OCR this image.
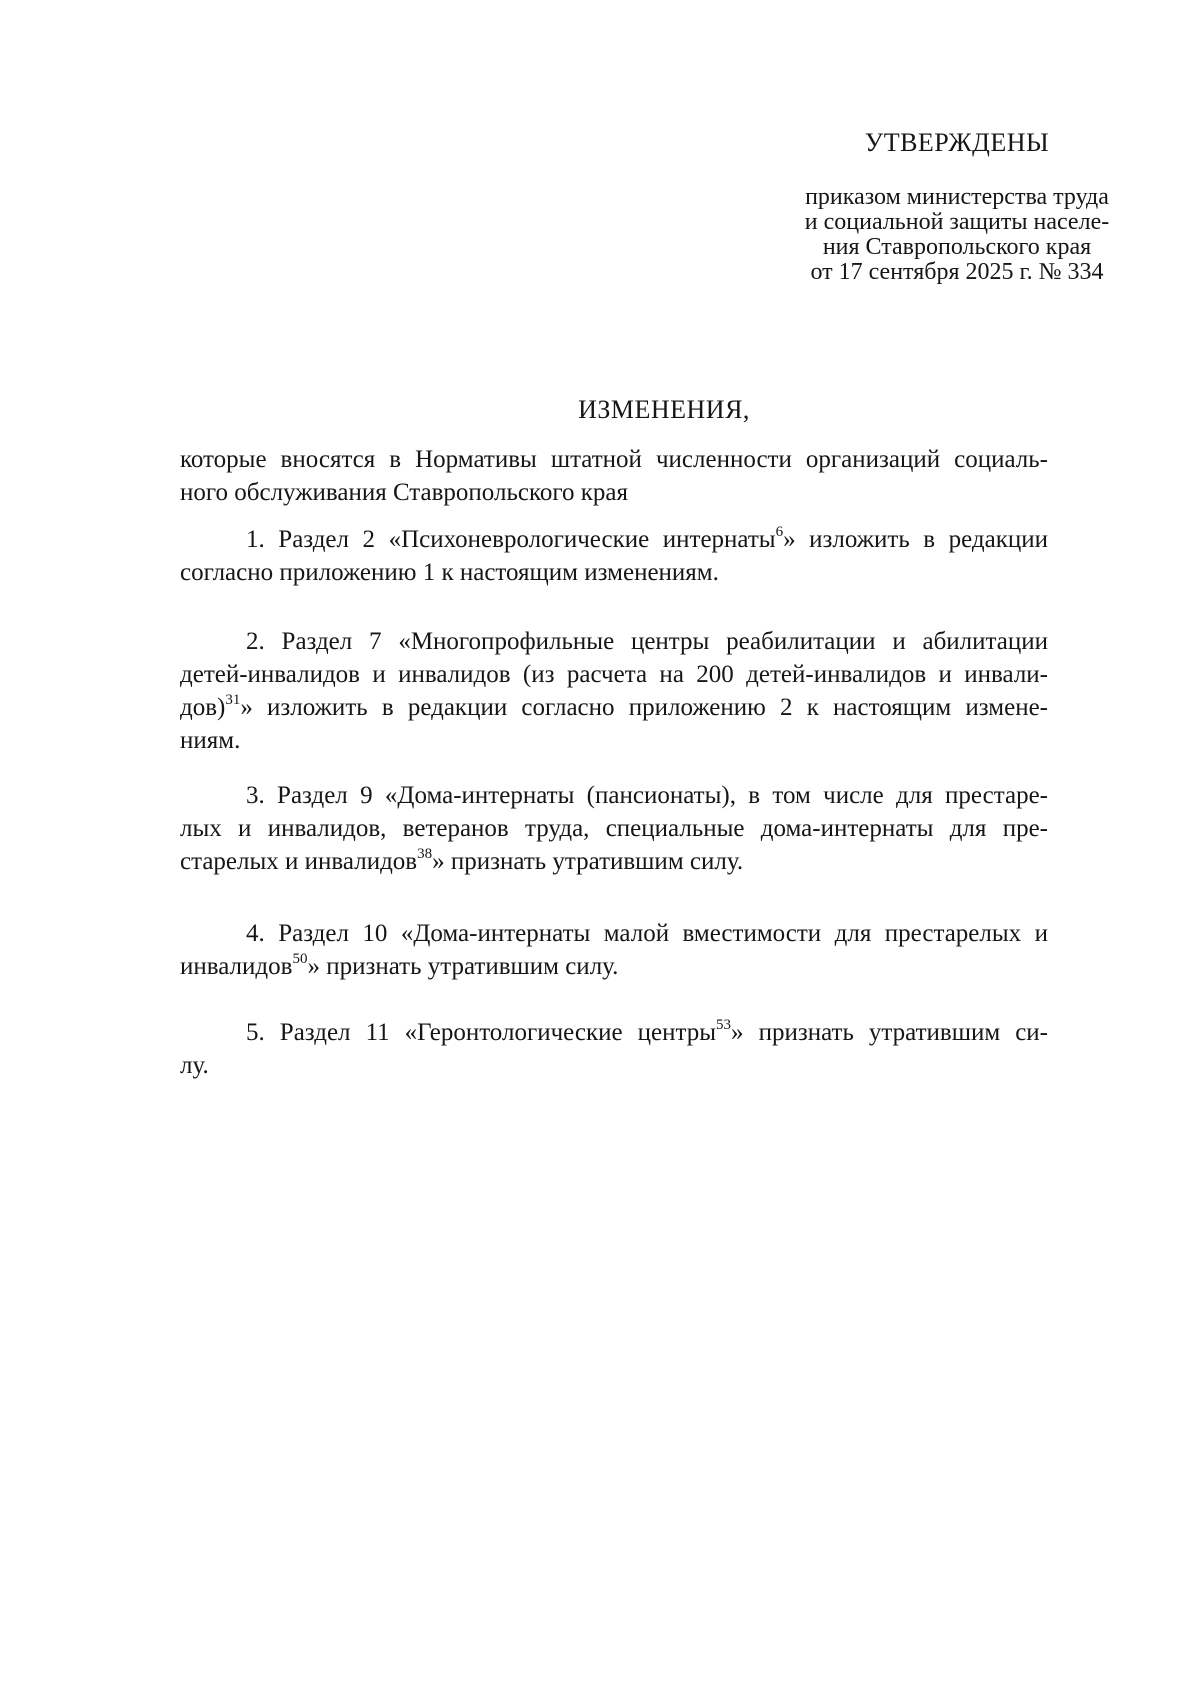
УТВЕРЖДЕНЫ
приказом министерства труда
и социальной защиты населе-
ния Ставропольского края
от 17 сентября 2025 г. № 334
ИЗМЕНЕНИЯ,
которые вносятся в Нормативы штатной численности организаций социаль-
ного обслуживания Ставропольского края
1. Раздел 2 «Психоневрологические интернаты$^6$» изложить в редакции
согласно приложению 1 к настоящим изменениям.
2. Раздел 7 «Многопрофильные центры реабилитации и абилитации
детей-инвалидов и инвалидов (из расчета на 200 детей-инвалидов и инвали-
дов)$^{31}$» изложить в редакции согласно приложению 2 к настоящим измене-
ниям.
3. Раздел 9 «Дома-интернаты (пансионаты), в том числе для престаре-
лых и инвалидов, ветеранов труда, специальные дома-интернаты для пре-
старелых и инвалидов$^{38}$» признать утратившим силу.
4. Раздел 10 «Дома-интернаты малой вместимости для престарелых и
инвалидов$^{50}$» признать утратившим силу.
5. Раздел 11 «Геронтологические центры$^{53}$» признать утратившим си-
лу.
